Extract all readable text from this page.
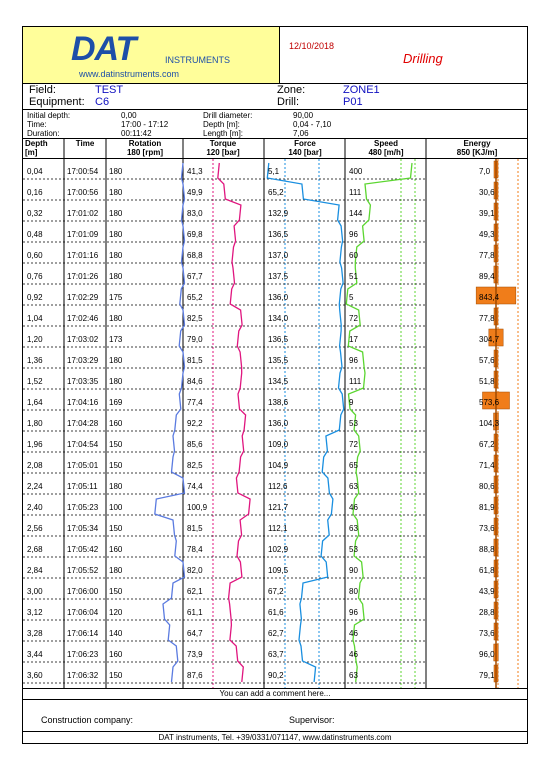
DAT	INSTRUMENTS
www.datinstruments.com
12/10/2018
Drilling
Field:	TEST	Zone:	ZONE1
Equipment: C6	Drill:	P01
Initial depth:	0,00	Drill diameter:	90,00
Time:	17:00 - 17:12	Depth [m]:	0,04 - 7,10
Duration:	00:11:42	Length [m]:	7,06
Depth
[m]
Time	Rotation
180 [rpm]
Torque
120 [bar]
Force
140 [bar]
Speed
480 [m/h]
Energy
850 [KJ/m]
0,04	17:00:54 180	41,3	5,1	400	7,0
0,16	17:00:56 180	49,9	65,2	111	30,6
0,32	17:01:02 180	83,0	132,9	144	39,1
0,48	17:01:09 180	69,8	136,5	96	49,3
0,60	17:01:16 180	68,8	137,0	60	77,8
0,76	17:01:26 180	67,7	137,5	51	89,4
0,92	17:02:29 175	65,2	136,0	5	843,4
1,04	17:02:46 180	82,5	134,0	72	77,8
1,20	17:03:02 173	79,0	136,5	17	304,7
1,36	17:03:29 180	81,5	135,5	96	57,6
1,52	17:03:35 180	84,6	134,5	111	51,8
1,64	17:04:16 169	77,4	138,6	9	573,6
1,80	17:04:28 160	92,2	136,0	53	104,3
1,96	17:04:54 150	85,6	109,0	72	67,2
2,08	17:05:01 150	82,5	104,9	65	71,4
2,24	17:05:11 180	74,4	112,6	63	80,6
2,40	17:05:23 100	100,9	121,7	46	81,9
2,56	17:05:34 150	81,5	112,1	63	73,6
2,68	17:05:42 160	78,4	102,9	53	88,8
2,84	17:05:52 180	82,0	109,5	90	61,8
3,00	17:06:00 150	62,1	67,2	80	43,9
3,12	17:06:04 120	61,1	61,6	96	28,8
3,28	17:06:14 140	64,7	62,7	46	73,6
3,44	17:06:23 160	73,9	63,7	46	96,0
3,60	17:06:32 150	87,6	90,2	63	79,1
You can add a comment here...
Construction company:	Supervisor:
DAT instruments, Tel. +39/0331/071147, www.datinstruments.com
